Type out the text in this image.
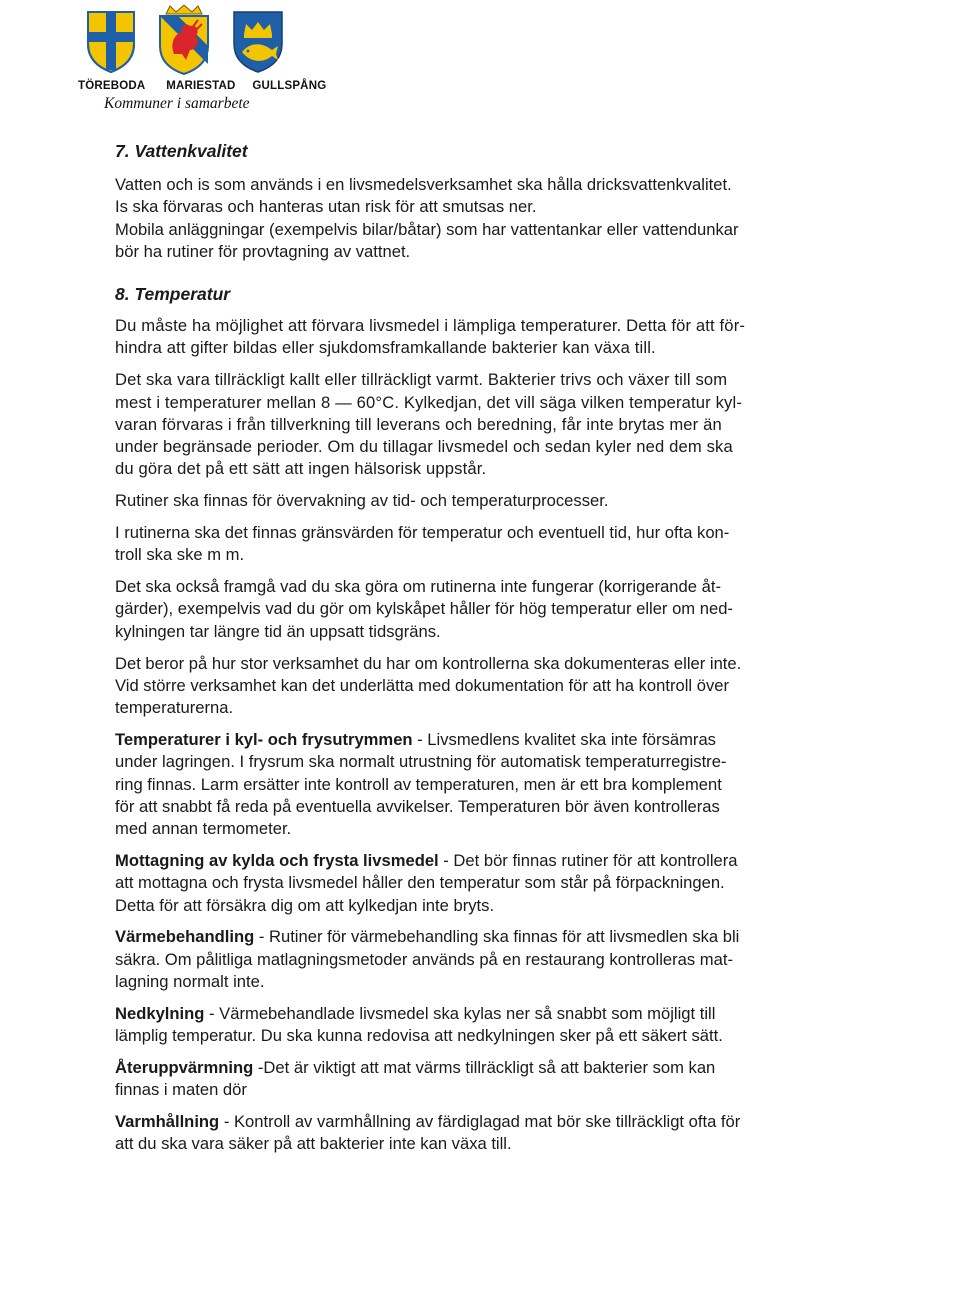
TÖREBODA MARIESTAD GULLSPÅNG
Kommuner i samarbete
7. Vattenkvalitet

Vatten och is som används i en livsmedelsverksamhet ska hålla dricksvattenkvalitet.
Is ska förvaras och hanteras utan risk för att smutsas ner.
Mobila anläggningar (exempelvis bilar/båtar) som har vattentankar eller vattendunkar
bör ha rutiner för provtagning av vattnet.

8. Temperatur

Du måste ha möjlighet att förvara livsmedel i lämpliga temperaturer. Detta för att för-
hindra att gifter bildas eller sjukdomsframkallande bakterier kan växa till.

Det ska vara tillräckligt kallt eller tillräckligt varmt. Bakterier trivs och växer till som
mest i temperaturer mellan 8 — 60°C. Kylkedjan, det vill säga vilken temperatur kyl-
varan förvaras i från tillverkning till leverans och beredning, får inte brytas mer än
under begränsade perioder. Om du tillagar livsmedel och sedan kyler ned dem ska
du göra det på ett sätt att ingen hälsorisk uppstår.

Rutiner ska finnas för övervakning av tid- och temperaturprocesser.

I rutinerna ska det finnas gränsvärden för temperatur och eventuell tid, hur ofta kon-
troll ska ske m m.

Det ska också framgå vad du ska göra om rutinerna inte fungerar (korrigerande åt-
gärder), exempelvis vad du gör om kylskåpet håller för hög temperatur eller om ned-
kylningen tar längre tid än uppsatt tidsgräns.

Det beror på hur stor verksamhet du har om kontrollerna ska dokumenteras eller inte.
Vid större verksamhet kan det underlätta med dokumentation för att ha kontroll över
temperaturerna.

Temperaturer i kyl- och frysutrymmen - Livsmedlens kvalitet ska inte försämras
under lagringen. I frysrum ska normalt utrustning för automatisk temperaturregistre-
ring finnas. Larm ersätter inte kontroll av temperaturen, men är ett bra komplement
för att snabbt få reda på eventuella avvikelser. Temperaturen bör även kontrolleras
med annan termometer.

Mottagning av kylda och frysta livsmedel - Det bör finnas rutiner för att kontrollera
att mottagna och frysta livsmedel håller den temperatur som står på förpackningen.
Detta för att försäkra dig om att kylkedjan inte bryts.

Värmebehandling - Rutiner för värmebehandling ska finnas för att livsmedlen ska bli
säkra. Om pålitliga matlagningsmetoder används på en restaurang kontrolleras mat-
lagning normalt inte.

Nedkylning - Värmebehandlade livsmedel ska kylas ner så snabbt som möjligt till
lämplig temperatur. Du ska kunna redovisa att nedkylningen sker på ett säkert sätt.

Återuppvärmning -Det är viktigt att mat värms tillräckligt så att bakterier som kan
finnas i maten dör

Varmhållning - Kontroll av varmhållning av färdiglagad mat bör ske tillräckligt ofta för
att du ska vara säker på att bakterier inte kan växa till.
